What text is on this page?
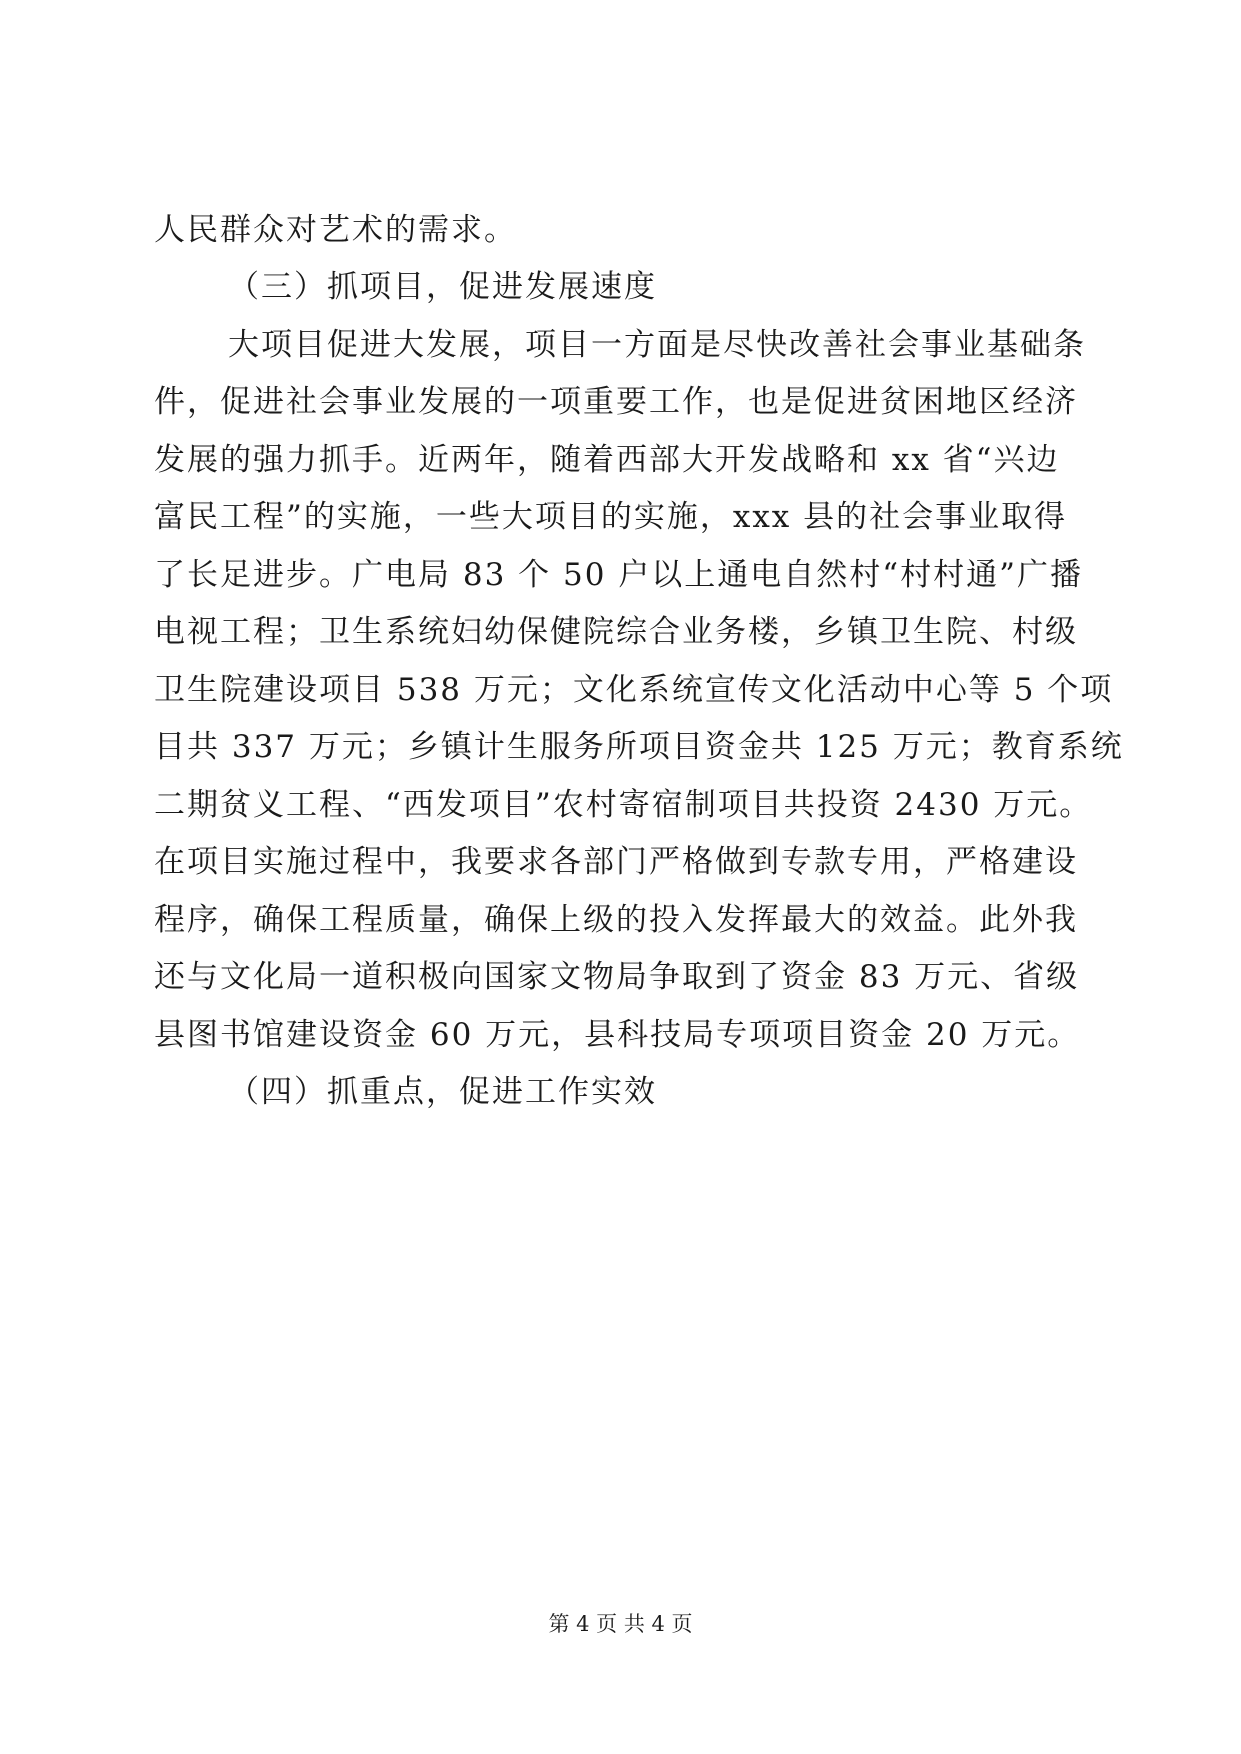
人民群众对艺术的需求。
（三）抓项目，促进发展速度
大项目促进大发展，项目一方面是尽快改善社会事业基础条
件，促进社会事业发展的一项重要工作，也是促进贫困地区经济
发展的强力抓手。近两年，随着西部大开发战略和 xx 省“兴边
富民工程”的实施，一些大项目的实施，xxx 县的社会事业取得
了长足进步。广电局 83 个 50 户以上通电自然村“村村通”广播
电视工程；卫生系统妇幼保健院综合业务楼，乡镇卫生院、村级
卫生院建设项目 538 万元；文化系统宣传文化活动中心等 5 个项
目共 337 万元；乡镇计生服务所项目资金共 125 万元；教育系统
二期贫义工程、“西发项目”农村寄宿制项目共投资 2430 万元。
在项目实施过程中，我要求各部门严格做到专款专用，严格建设
程序，确保工程质量，确保上级的投入发挥最大的效益。此外我
还与文化局一道积极向国家文物局争取到了资金 83 万元、省级
县图书馆建设资金 60 万元，县科技局专项项目资金 20 万元。
（四）抓重点，促进工作实效
第 4 页 共 4 页
